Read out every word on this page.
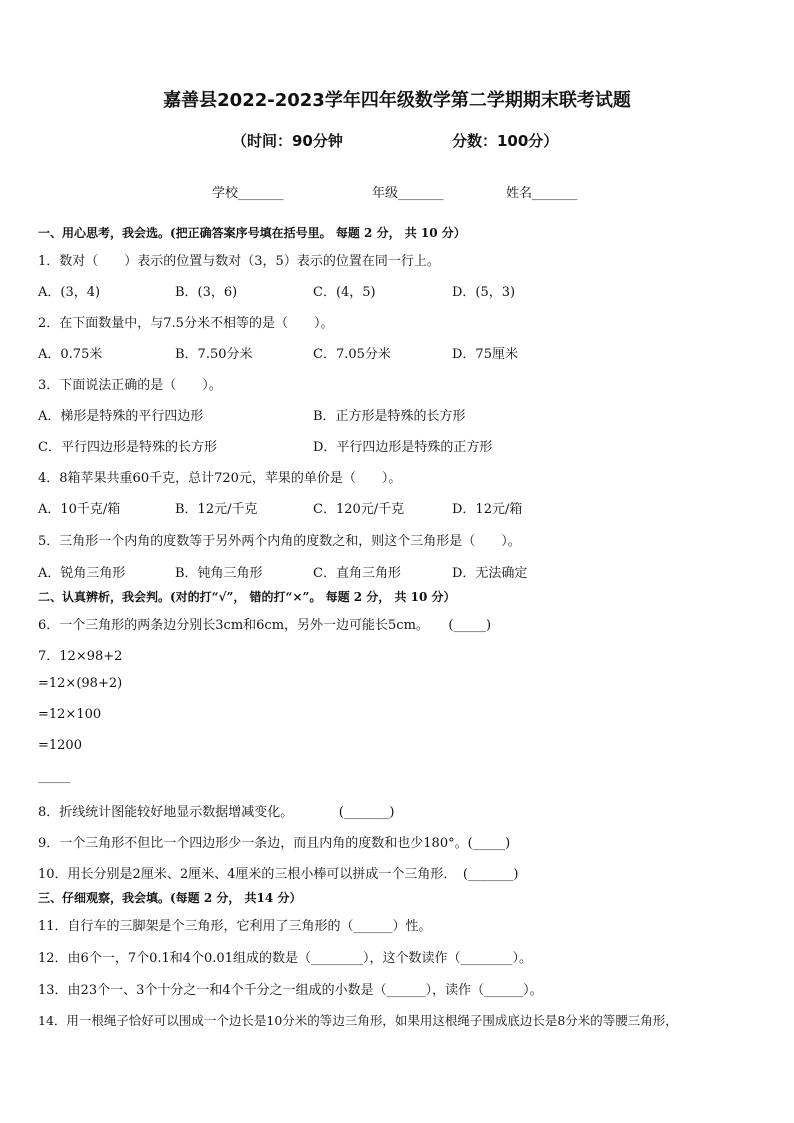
嘉善县2022-2023学年四年级数学第二学期期末联考试题
（时间：90分钟	分数：100分）
学校_______	年级_______	姓名_______
一、用心思考，我会选。(把正确答案序号填在括号里。 每题 2 分， 共 10 分）
1．数对（　　）表示的位置与数对（3，5）表示的位置在同一行上。
A．(3，4)	B．(3，6)	C．(4，5)	D．(5，3)
2．在下面数量中，与7.5分米不相等的是（　　）。
A．0.75米	B．7.50分米	C．7.05分米	D．75厘米
3．下面说法正确的是（　　）。
A．梯形是特殊的平行四边形	B．正方形是特殊的长方形
C．平行四边形是特殊的长方形	D．平行四边形是特殊的正方形
4．8箱苹果共重60千克，总计720元，苹果的单价是（　　）。
A．10千克/箱	B．12元/千克	C．120元/千克	D．12元/箱
5．三角形一个内角的度数等于另外两个内角的度数之和，则这个三角形是（　　）。
A．锐角三角形	B．钝角三角形	C．直角三角形	D．无法确定
二、认真辨析，我会判。(对的打“√”， 错的打“×”。 每题 2 分， 共 10 分）
6．一个三角形的两条边分别长3cm和6cm，另外一边可能长5cm。　　(_____)
7．12×98+2
=12×(98+2)
=12×100
=1200
_____
8．折线统计图能较好地显示数据增减变化。　　　　(_______)
9．一个三角形不但比一个四边形少一条边，而且内角的度数和也少180°。(_____)
10．用长分别是2厘米、2厘米、4厘米的三根小棒可以拼成一个三角形．　(_______)
三、仔细观察，我会填。(每题 2 分， 共14 分）
11．自行车的三脚架是个三角形，它利用了三角形的（______）性。
12．由6个一，7个0.1和4个0.01组成的数是（________），这个数读作（________）。
13．由23个一、3个十分之一和4个千分之一组成的小数是（______），读作（______）。
14．用一根绳子恰好可以围成一个边长是10分米的等边三角形，如果用这根绳子围成底边长是8分米的等腰三角形，
